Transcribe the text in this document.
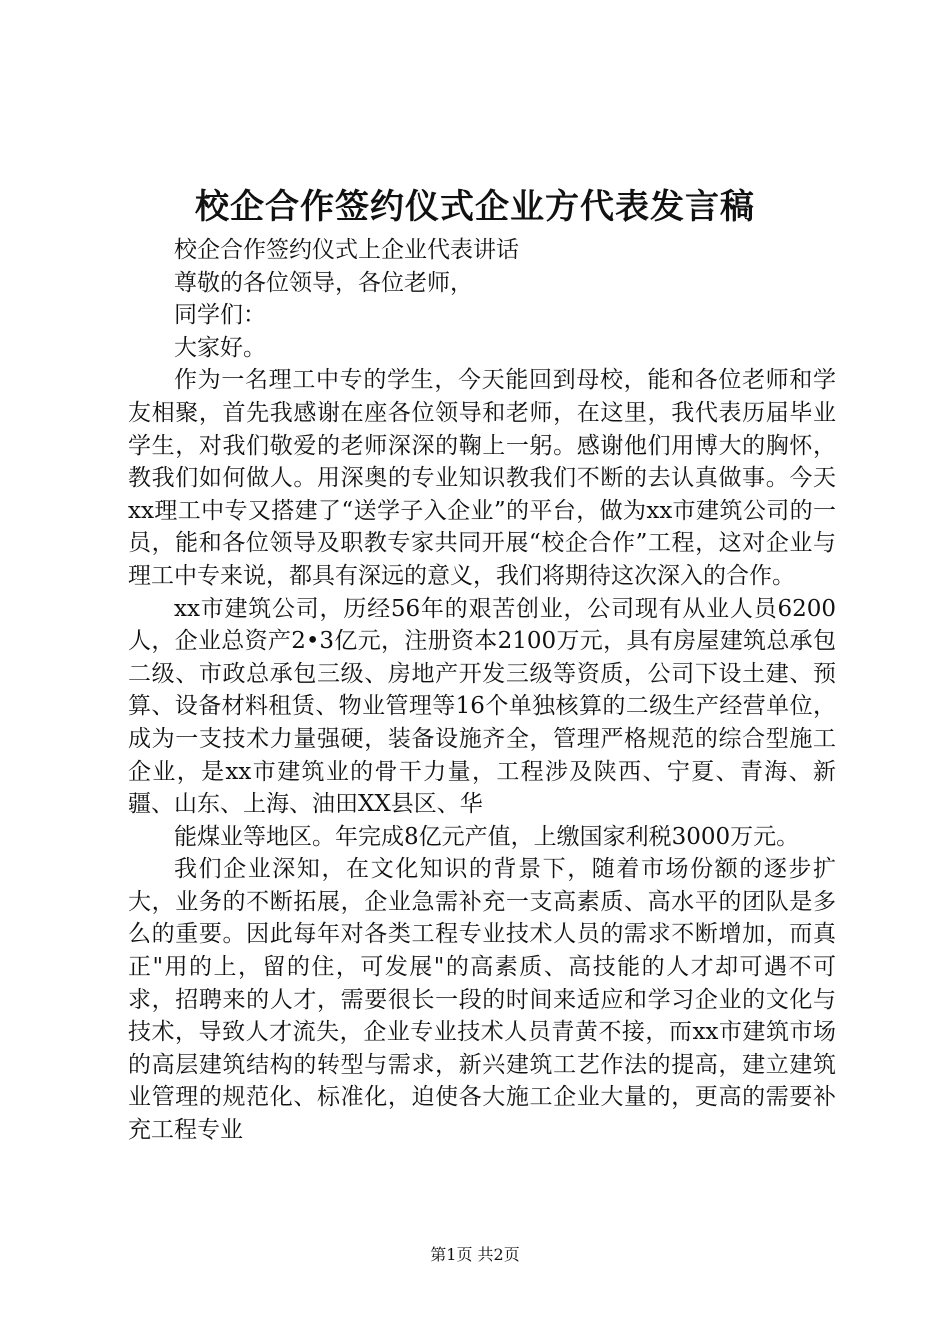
校企合作签约仪式企业方代表发言稿

校企合作签约仪式上企业代表讲话

尊敬的各位领导，各位老师，

同学们：

大家好。

作为一名理工中专的学生，今天能回到母校，能和各位老师和学友相聚，首先我感谢在座各位领导和老师，在这里，我代表历届毕业学生，对我们敬爱的老师深深的鞠上一躬。感谢他们用博大的胸怀，教我们如何做人。用深奥的专业知识教我们不断的去认真做事。今天xx理工中专又搭建了“送学子入企业”的平台，做为xx市建筑公司的一员，能和各位领导及职教专家共同开展“校企合作”工程，这对企业与理工中专来说，都具有深远的意义，我们将期待这次深入的合作。

xx市建筑公司，历经56年的艰苦创业，公司现有从业人员6200人，企业总资产2•3亿元，注册资本2100万元，具有房屋建筑总承包二级、市政总承包三级、房地产开发三级等资质，公司下设土建、预算、设备材料租赁、物业管理等16个单独核算的二级生产经营单位，成为一支技术力量强硬，装备设施齐全，管理严格规范的综合型施工企业，是xx市建筑业的骨干力量，工程涉及陕西、宁夏、青海、新疆、山东、上海、油田XX县区、华

能煤业等地区。年完成8亿元产值，上缴国家利税3000万元。

我们企业深知，在文化知识的背景下，随着市场份额的逐步扩大，业务的不断拓展，企业急需补充一支高素质、高水平的团队是多么的重要。因此每年对各类工程专业技术人员的需求不断增加，而真正"用的上，留的住，可发展"的高素质、高技能的人才却可遇不可求，招聘来的人才，需要很长一段的时间来适应和学习企业的文化与技术，导致人才流失，企业专业技术人员青黄不接，而xx市建筑市场的高层建筑结构的转型与需求，新兴建筑工艺作法的提高，建立建筑业管理的规范化、标准化，迫使各大施工企业大量的，更高的需要补充工程专业

第1页 共2页
